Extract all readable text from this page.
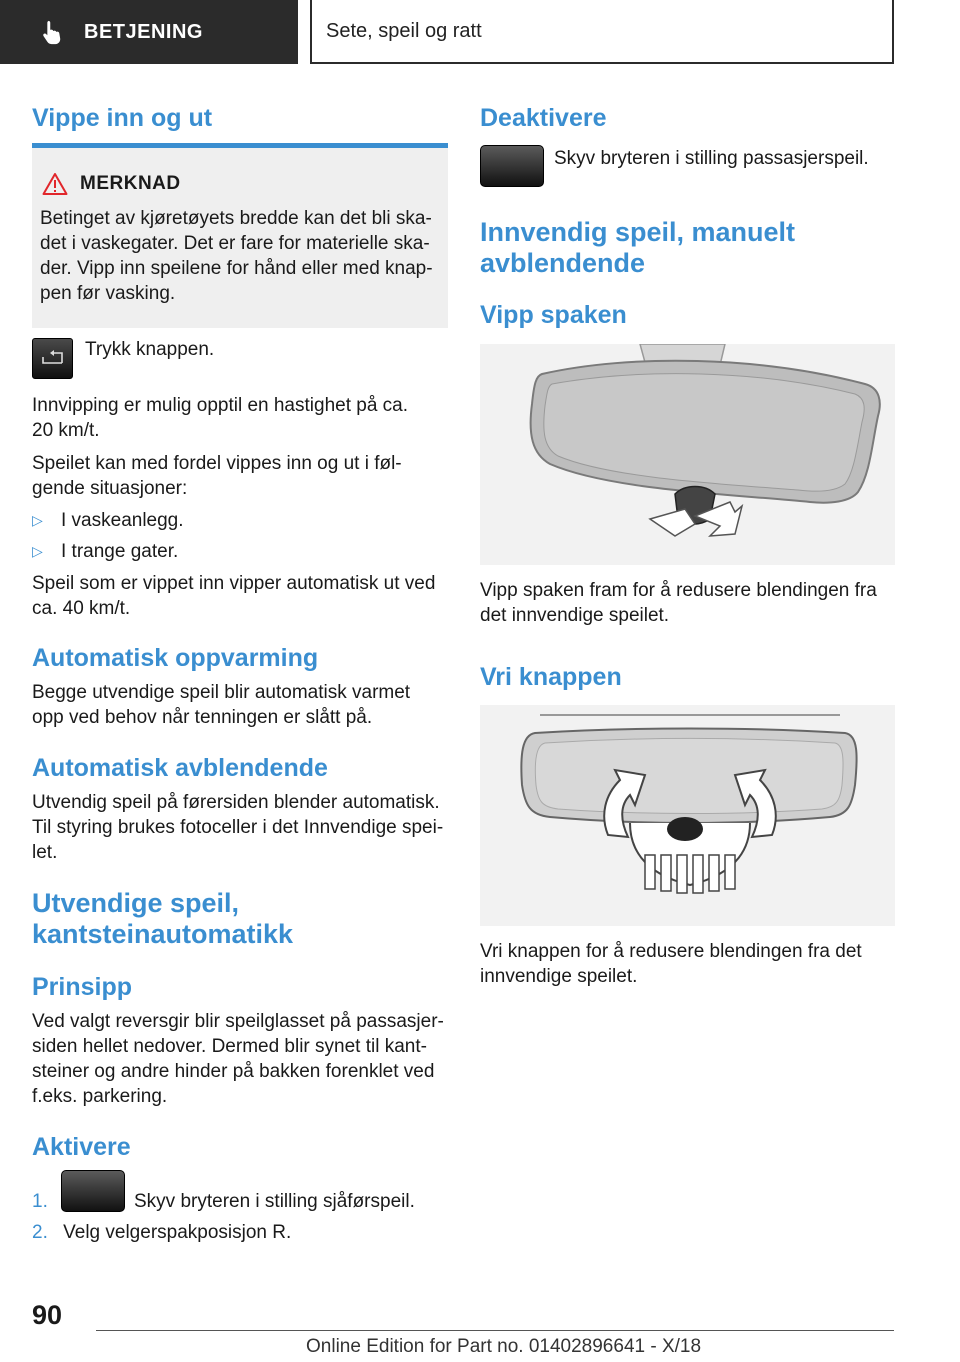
BETJENING	Sete, speil og ratt
Vippe inn og ut
MERKNAD

Betinget av kjøretøyets bredde kan det bli ska-det i vaskegater. Det er fare for materielle ska-der. Vipp inn speilene for hånd eller med knap-pen før vasking.

Trykk knappen.

Innvipping er mulig opptil en hastighet på ca. 20 km/t.

Speilet kan med fordel vippes inn og ut i føl-gende situasjoner:

▷ I vaskeanlegg.
▷ I trange gater.

Speil som er vippet inn vipper automatisk ut ved ca. 40 km/t.

Automatisk oppvarming

Begge utvendige speil blir automatisk varmet opp ved behov når tenningen er slått på.

Automatisk avblendende

Utvendig speil på førersiden blender automatisk. Til styring brukes fotoceller i det Innvendige spei-let.

Utvendige speil,
kantsteinautomatikk
Prinsipp

Ved valgt reversgir blir speilglasset på passasjer-siden hellet nedover. Dermed blir synet til kant-steiner og andre hinder på bakken forenklet ved f.eks. parkering.

Aktivere
1.	Skyv bryteren i stilling sjåførspeil.

2. Velg velgerspakposisjon R.
Deaktivere

Skyv bryteren i stilling passasjerspeil.

Innvendig speil, manuelt
avblendende
Vipp spaken

Vipp spaken fram for å redusere blendingen fra det innvendige speilet.

Vri knappen

Vri knappen for å redusere blendingen fra det innvendige speilet.

90
Online Edition for Part no. 01402896641 - X/18
